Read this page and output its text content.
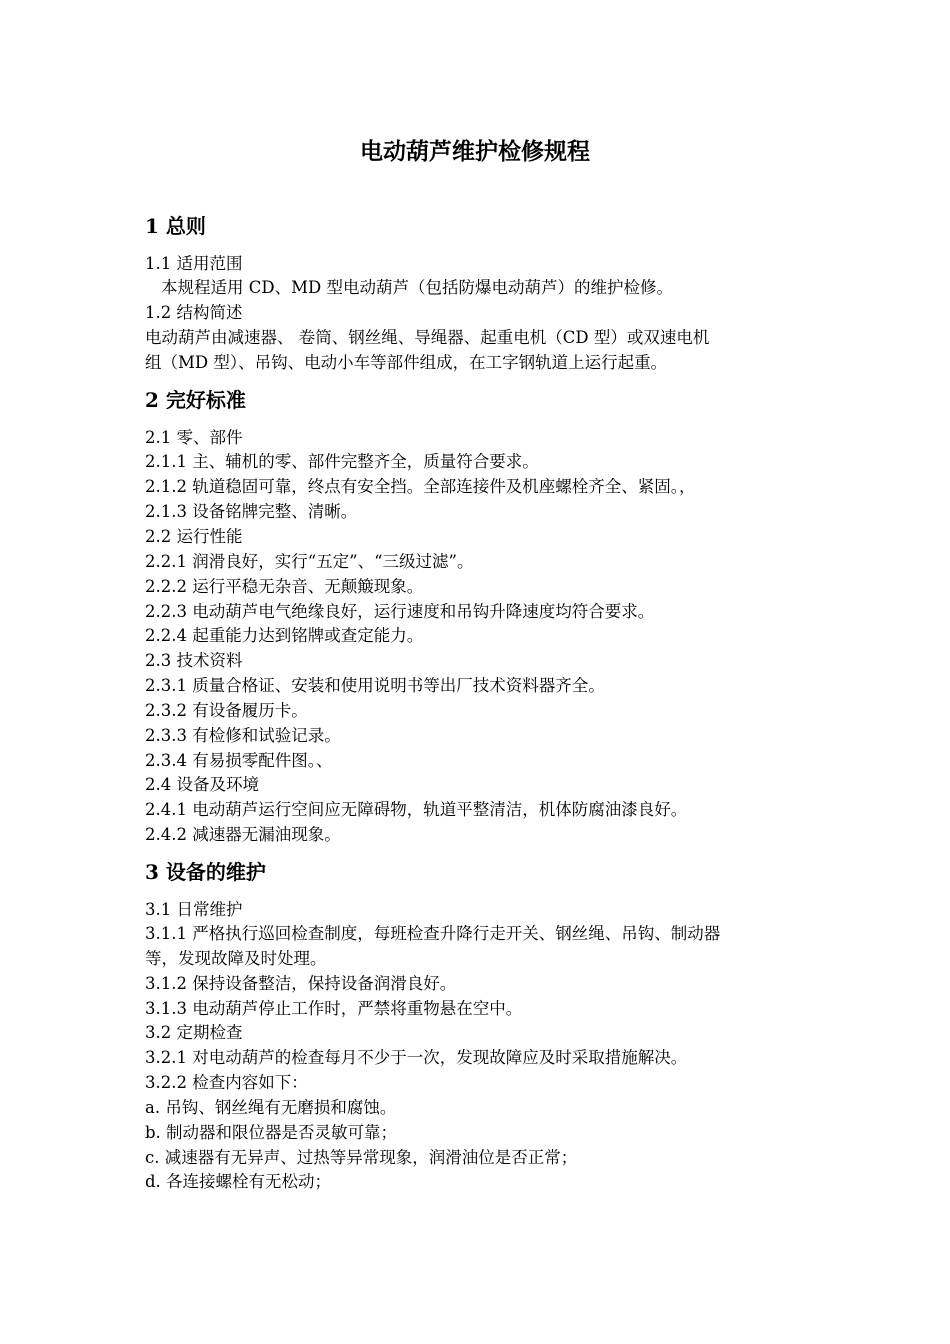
电动葫芦维护检修规程
1 总则
1.1 适用范围
本规程适用 CD、MD 型电动葫芦（包括防爆电动葫芦）的维护检修。
1.2 结构简述
电动葫芦由减速器、 卷筒、钢丝绳、导绳器、起重电机（CD 型）或双速电机
组（MD 型）、吊钩、电动小车等部件组成，在工字钢轨道上运行起重。
2 完好标准
2.1 零、部件
2.1.1 主、辅机的零、部件完整齐全，质量符合要求。
2.1.2 轨道稳固可靠，终点有安全挡。全部连接件及机座螺栓齐全、紧固。，
2.1.3 设备铭牌完整、清晰。
2.2 运行性能
2.2.1 润滑良好，实行“五定”、“三级过滤”。
2.2.2 运行平稳无杂音、无颠簸现象。
2.2.3 电动葫芦电气绝缘良好，运行速度和吊钩升降速度均符合要求。
2.2.4 起重能力达到铭牌或查定能力。
2.3 技术资料
2.3.1 质量合格证、安装和使用说明书等出厂技术资料器齐全。
2.3.2 有设备履历卡。
2.3.3 有检修和试验记录。
2.3.4 有易损零配件图。、
2.4 设备及环境
2.4.1 电动葫芦运行空间应无障碍物，轨道平整清洁，机体防腐油漆良好。
2.4.2 减速器无漏油现象。
3 设备的维护
3.1 日常维护
3.1.1 严格执行巡回检查制度，每班检查升降行走开关、钢丝绳、吊钩、制动器
等，发现故障及时处理。
3.1.2 保持设备整洁，保持设备润滑良好。
3.1.3 电动葫芦停止工作时，严禁将重物悬在空中。
3.2 定期检查
3.2.1 对电动葫芦的检查每月不少于一次，发现故障应及时采取措施解决。
3.2.2 检查内容如下：
a. 吊钩、钢丝绳有无磨损和腐蚀。
b. 制动器和限位器是否灵敏可靠；
c. 减速器有无异声、过热等异常现象，润滑油位是否正常；
d. 各连接螺栓有无松动；
